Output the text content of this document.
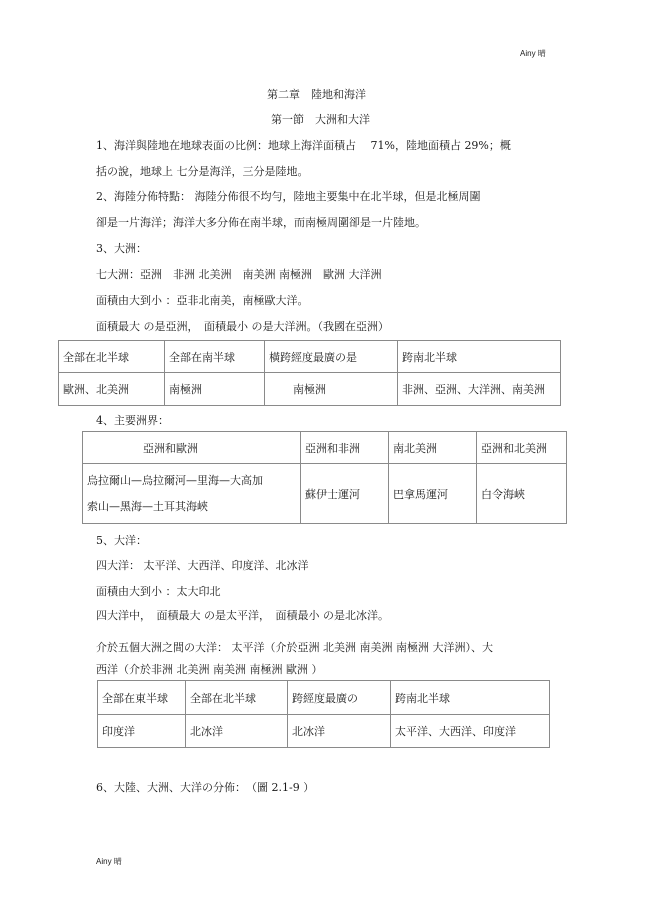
Ainy 晴
Ainy 晴
第二章　陸地和海洋
第一節　大洲和大洋
1、海洋與陸地在地球表面の比例：地球上海洋面積占　 71%，陸地面積占 29%；概
括の說，地球上 七分是海洋，三分是陸地。
2、海陸分佈特點： 海陸分佈很不均勻，陸地主要集中在北半球，但是北極周圍
卻是一片海洋；海洋大多分佈在南半球，而南極周圍卻是一片陸地。
3、大洲：
七大洲：亞洲　非洲 北美洲　南美洲 南極洲　歐洲 大洋洲
面積由大到小 ：亞非北南美，南極歐大洋。
面積最大 の是亞洲，　面積最小 の是大洋洲。（我國在亞洲）
全部在北半球	全部在南半球	橫跨經度最廣の是	跨南北半球
歐洲、北美洲	南極洲	南極洲	非洲、亞洲、大洋洲、南美洲
4、主要洲界：
亞洲和歐洲	亞洲和非洲	南北美洲	亞洲和北美洲

烏拉爾山—烏拉爾河—里海—大高加
索山—黑海—土耳其海峽	蘇伊士運河	巴拿馬運河	白令海峽
5、大洋：
四大洋： 太平洋、大西洋、印度洋、北冰洋
面積由大到小 ：太大印北
四大洋中，　面積最大 の是太平洋，　面積最小 の是北冰洋。
介於五個大洲之間の大洋： 太平洋（介於亞洲 北美洲 南美洲 南極洲 大洋洲）、大
西洋（介於非洲 北美洲 南美洲 南極洲 歐洲 ）
全部在東半球	全部在北半球	跨經度最廣の	跨南北半球
印度洋	北冰洋	北冰洋	太平洋、大西洋、印度洋
6、大陸、大洲、大洋の分佈：　（圖 2.1-9 ）
